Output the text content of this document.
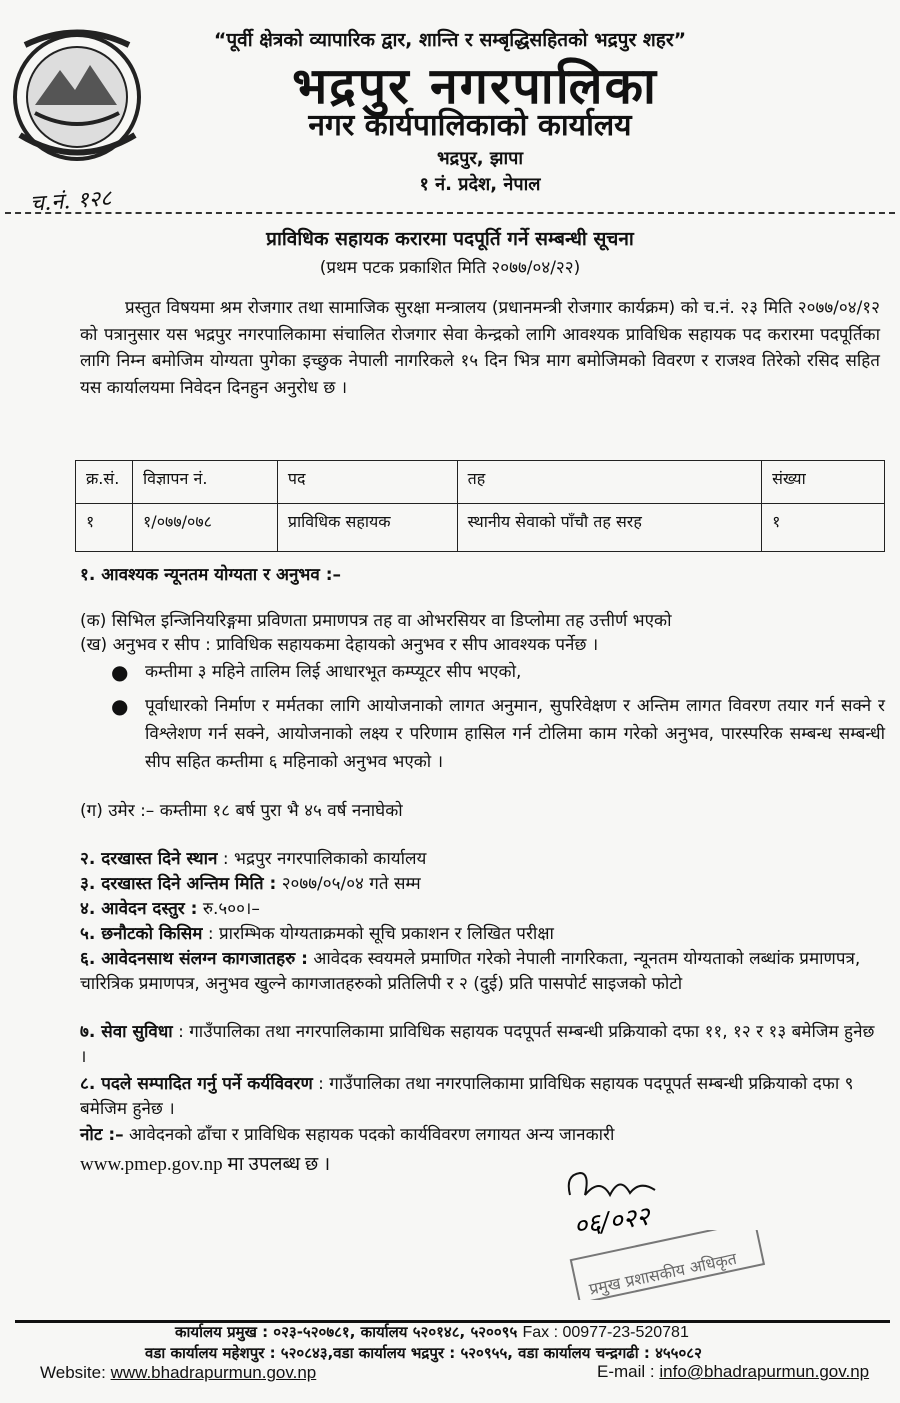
“पूर्वी क्षेत्रको व्यापारिक द्वार, शान्ति र सम्बृद्धिसहितको भद्रपुर शहर”
भद्रपुर नगरपालिका
नगर कार्यपालिकाको कार्यालय
भद्रपुर, झापा
१ नं. प्रदेश, नेपाल
च.नं. १२८
प्राविधिक सहायक करारमा पदपूर्ति गर्ने सम्बन्धी सूचना
(प्रथम पटक प्रकाशित मिति २०७७/०४/२२)
प्रस्तुत विषयमा श्रम रोजगार तथा सामाजिक सुरक्षा मन्त्रालय (प्रधानमन्त्री रोजगार कार्यक्रम) को च.नं. २३ मिति २०७७/०४/१२ को पत्रानुसार यस भद्रपुर नगरपालिकामा संचालित रोजगार सेवा केन्द्रको लागि आवश्यक प्राविधिक सहायक पद करारमा पदपूर्तिका लागि निम्न बमोजिम योग्यता पुगेका इच्छुक नेपाली नागरिकले १५ दिन भित्र माग बमोजिमको विवरण र राजश्व तिरेको रसिद सहित यस कार्यालयमा निवेदन दिनहुन अनुरोध छ ।
क्र.सं.	विज्ञापन नं.	पद	तह	संख्या
१	१/०७७/०७८	प्राविधिक सहायक	स्थानीय सेवाको पाँचौ तह सरह	१
१. आवश्यक न्यूनतम योग्यता र अनुभव :–
(क) सिभिल इन्जिनियरिङ्गमा प्रविणता प्रमाणपत्र तह वा ओभरसियर वा डिप्लोमा तह उत्तीर्ण भएको
(ख) अनुभव र सीप : प्राविधिक सहायकमा देहायको अनुभव र सीप आवश्यक पर्नेछ ।
● कम्तीमा ३ महिने तालिम लिई आधारभूत कम्प्यूटर सीप भएको,
● पूर्वाधारको निर्माण र मर्मतका लागि आयोजनाको लागत अनुमान, सुपरिवेक्षण र अन्तिम लागत विवरण तयार गर्न सक्ने र विश्लेशण गर्न सक्ने, आयोजनाको लक्ष्य र परिणाम हासिल गर्न टोलिमा काम गरेको अनुभव, पारस्परिक सम्बन्ध सम्बन्धी सीप सहित कम्तीमा ६ महिनाको अनुभव भएको ।
(ग) उमेर :– कम्तीमा १८ बर्ष पुरा भै ४५ वर्ष ननाघेको
२. दरखास्त दिने स्थान : भद्रपुर नगरपालिकाको कार्यालय
३. दरखास्त दिने अन्तिम मिति : २०७७/०५/०४ गते सम्म
४. आवेदन दस्तुर : रु.५००।–
५. छनौटको किसिम : प्रारम्भिक योग्यताक्रमको सूचि प्रकाशन र लिखित परीक्षा
६. आवेदनसाथ संलग्न कागजातहरु : आवेदक स्वयमले प्रमाणित गरेको नेपाली नागरिकता, न्यूनतम योग्यताको लब्धांक प्रमाणपत्र, चारित्रिक प्रमाणपत्र, अनुभव खुल्ने कागजातहरुको प्रतिलिपी र २ (दुई) प्रति पासपोर्ट साइजको फोटो
७. सेवा सुविधा : गाउँपालिका तथा नगरपालिकामा प्राविधिक सहायक पदपूपर्त सम्बन्धी प्रक्रियाको दफा ११, १२ र १३ बमेजिम हुनेछ ।
८. पदले सम्पादित गर्नु पर्ने कर्यविवरण : गाउँपालिका तथा नगरपालिकामा प्राविधिक सहायक पदपूपर्त सम्बन्धी प्रक्रियाको दफा ९ बमेजिम हुनेछ ।
नोट :– आवेदनको ढाँचा र प्राविधिक सहायक पदको कार्यविवरण लगायत अन्य जानकारी
www.pmep.gov.np मा उपलब्ध छ ।
०६/०२२
प्रमुख प्रशासकीय अधिकृत
कार्यालय प्रमुख : ०२३-५२०७८१, कार्यालय ५२०१४८, ५२००९५ Fax : 00977-23-520781
वडा कार्यालय महेशपुर : ५२०८४३,वडा कार्यालय भद्रपुर : ५२०९५५, वडा कार्यालय चन्द्रगढी : ४५५०८२
Website: www.bhadrapurmun.gov.np	E-mail : info@bhadrapurmun.gov.np
